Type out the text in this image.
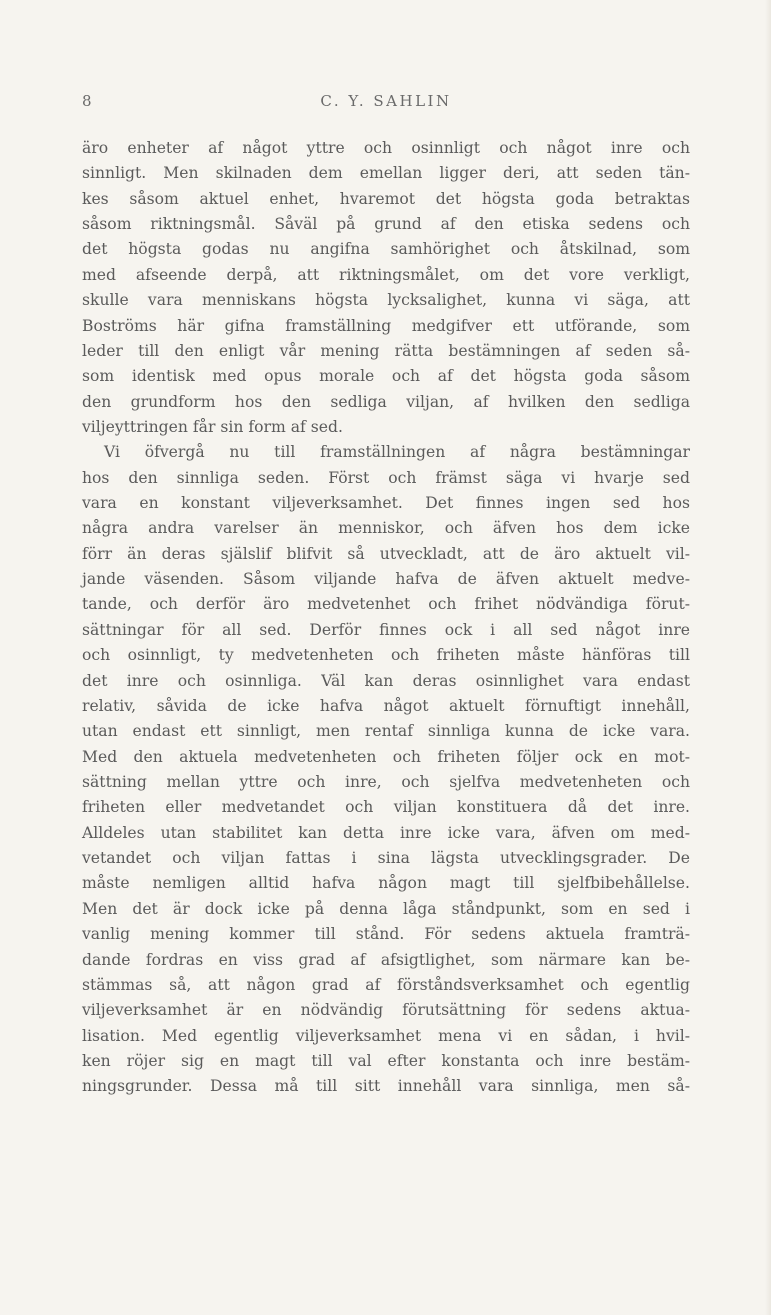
8	C. Y. SAHLIN
äro enheter af något yttre och osinnligt och något inre och
sinnligt. Men skilnaden dem emellan ligger deri, att seden tän-
kes såsom aktuel enhet, hvaremot det högsta goda betraktas
såsom riktningsmål. Såväl på grund af den etiska sedens och
det högsta godas nu angifna samhörighet och åtskilnad, som
med afseende derpå, att riktningsmålet, om det vore verkligt,
skulle vara menniskans högsta lycksalighet, kunna vi säga, att
Boströms här gifna framställning medgifver ett utförande, som
leder till den enligt vår mening rätta bestämningen af seden så-
som identisk med opus morale och af det högsta goda såsom
den grundform hos den sedliga viljan, af hvilken den sedliga
viljeyttringen får sin form af sed.
Vi öfvergå nu till framställningen af några bestämningar
hos den sinnliga seden. Först och främst säga vi hvarje sed
vara en konstant viljeverksamhet. Det finnes ingen sed hos
några andra varelser än menniskor, och äfven hos dem icke
förr än deras själslif blifvit så utveckladt, att de äro aktuelt vil-
jande väsenden. Såsom viljande hafva de äfven aktuelt medve-
tande, och derför äro medvetenhet och frihet nödvändiga förut-
sättningar för all sed. Derför finnes ock i all sed något inre
och osinnligt, ty medvetenheten och friheten måste hänföras till
det inre och osinnliga. Väl kan deras osinnlighet vara endast
relativ, såvida de icke hafva något aktuelt förnuftigt innehåll,
utan endast ett sinnligt, men rentaf sinnliga kunna de icke vara.
Med den aktuela medvetenheten och friheten följer ock en mot-
sättning mellan yttre och inre, och sjelfva medvetenheten och
friheten eller medvetandet och viljan konstituera då det inre.
Alldeles utan stabilitet kan detta inre icke vara, äfven om med-
vetandet och viljan fattas i sina lägsta utvecklingsgrader. De
måste nemligen alltid hafva någon magt till sjelfbibehållelse.
Men det är dock icke på denna låga ståndpunkt, som en sed i
vanlig mening kommer till stånd. För sedens aktuela framträ-
dande fordras en viss grad af afsigtlighet, som närmare kan be-
stämmas så, att någon grad af förståndsverksamhet och egentlig
viljeverksamhet är en nödvändig förutsättning för sedens aktua-
lisation. Med egentlig viljeverksamhet mena vi en sådan, i hvil-
ken röjer sig en magt till val efter konstanta och inre bestäm-
ningsgrunder. Dessa må till sitt innehåll vara sinnliga, men så-
